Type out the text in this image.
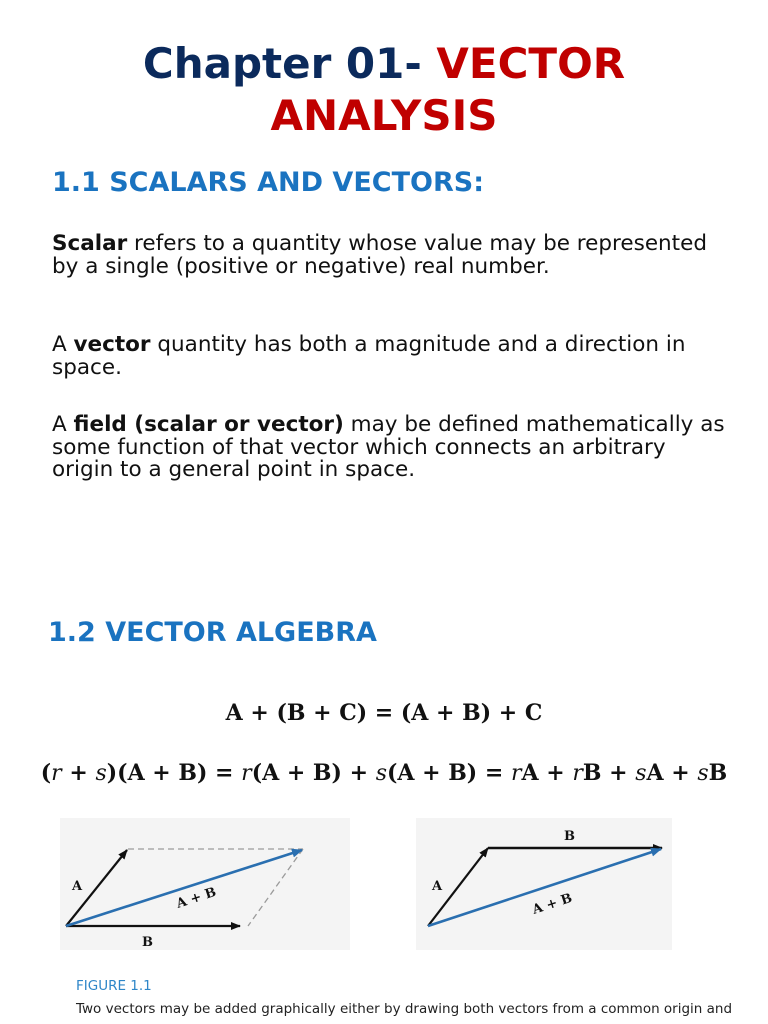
Chapter 01- VECTOR
ANALYSIS
1.1 SCALARS AND VECTORS:
Scalar refers to a quantity whose value may be represented by a single (positive or negative) real number.
A vector quantity has both a magnitude and a direction in space.
A field (scalar or vector) may be defined mathematically as some function of that vector which connects an arbitrary origin to a general point in space.
1.2 VECTOR ALGEBRA
A + (B + C) = (A + B) + C
(r + s)(A + B) = r(A + B) + s(A + B) = rA + rB + sA + sB
A
B
A + B	A
B
A + B
FIGURE 1.1
Two vectors may be added graphically either by drawing both vectors from a common origin and
